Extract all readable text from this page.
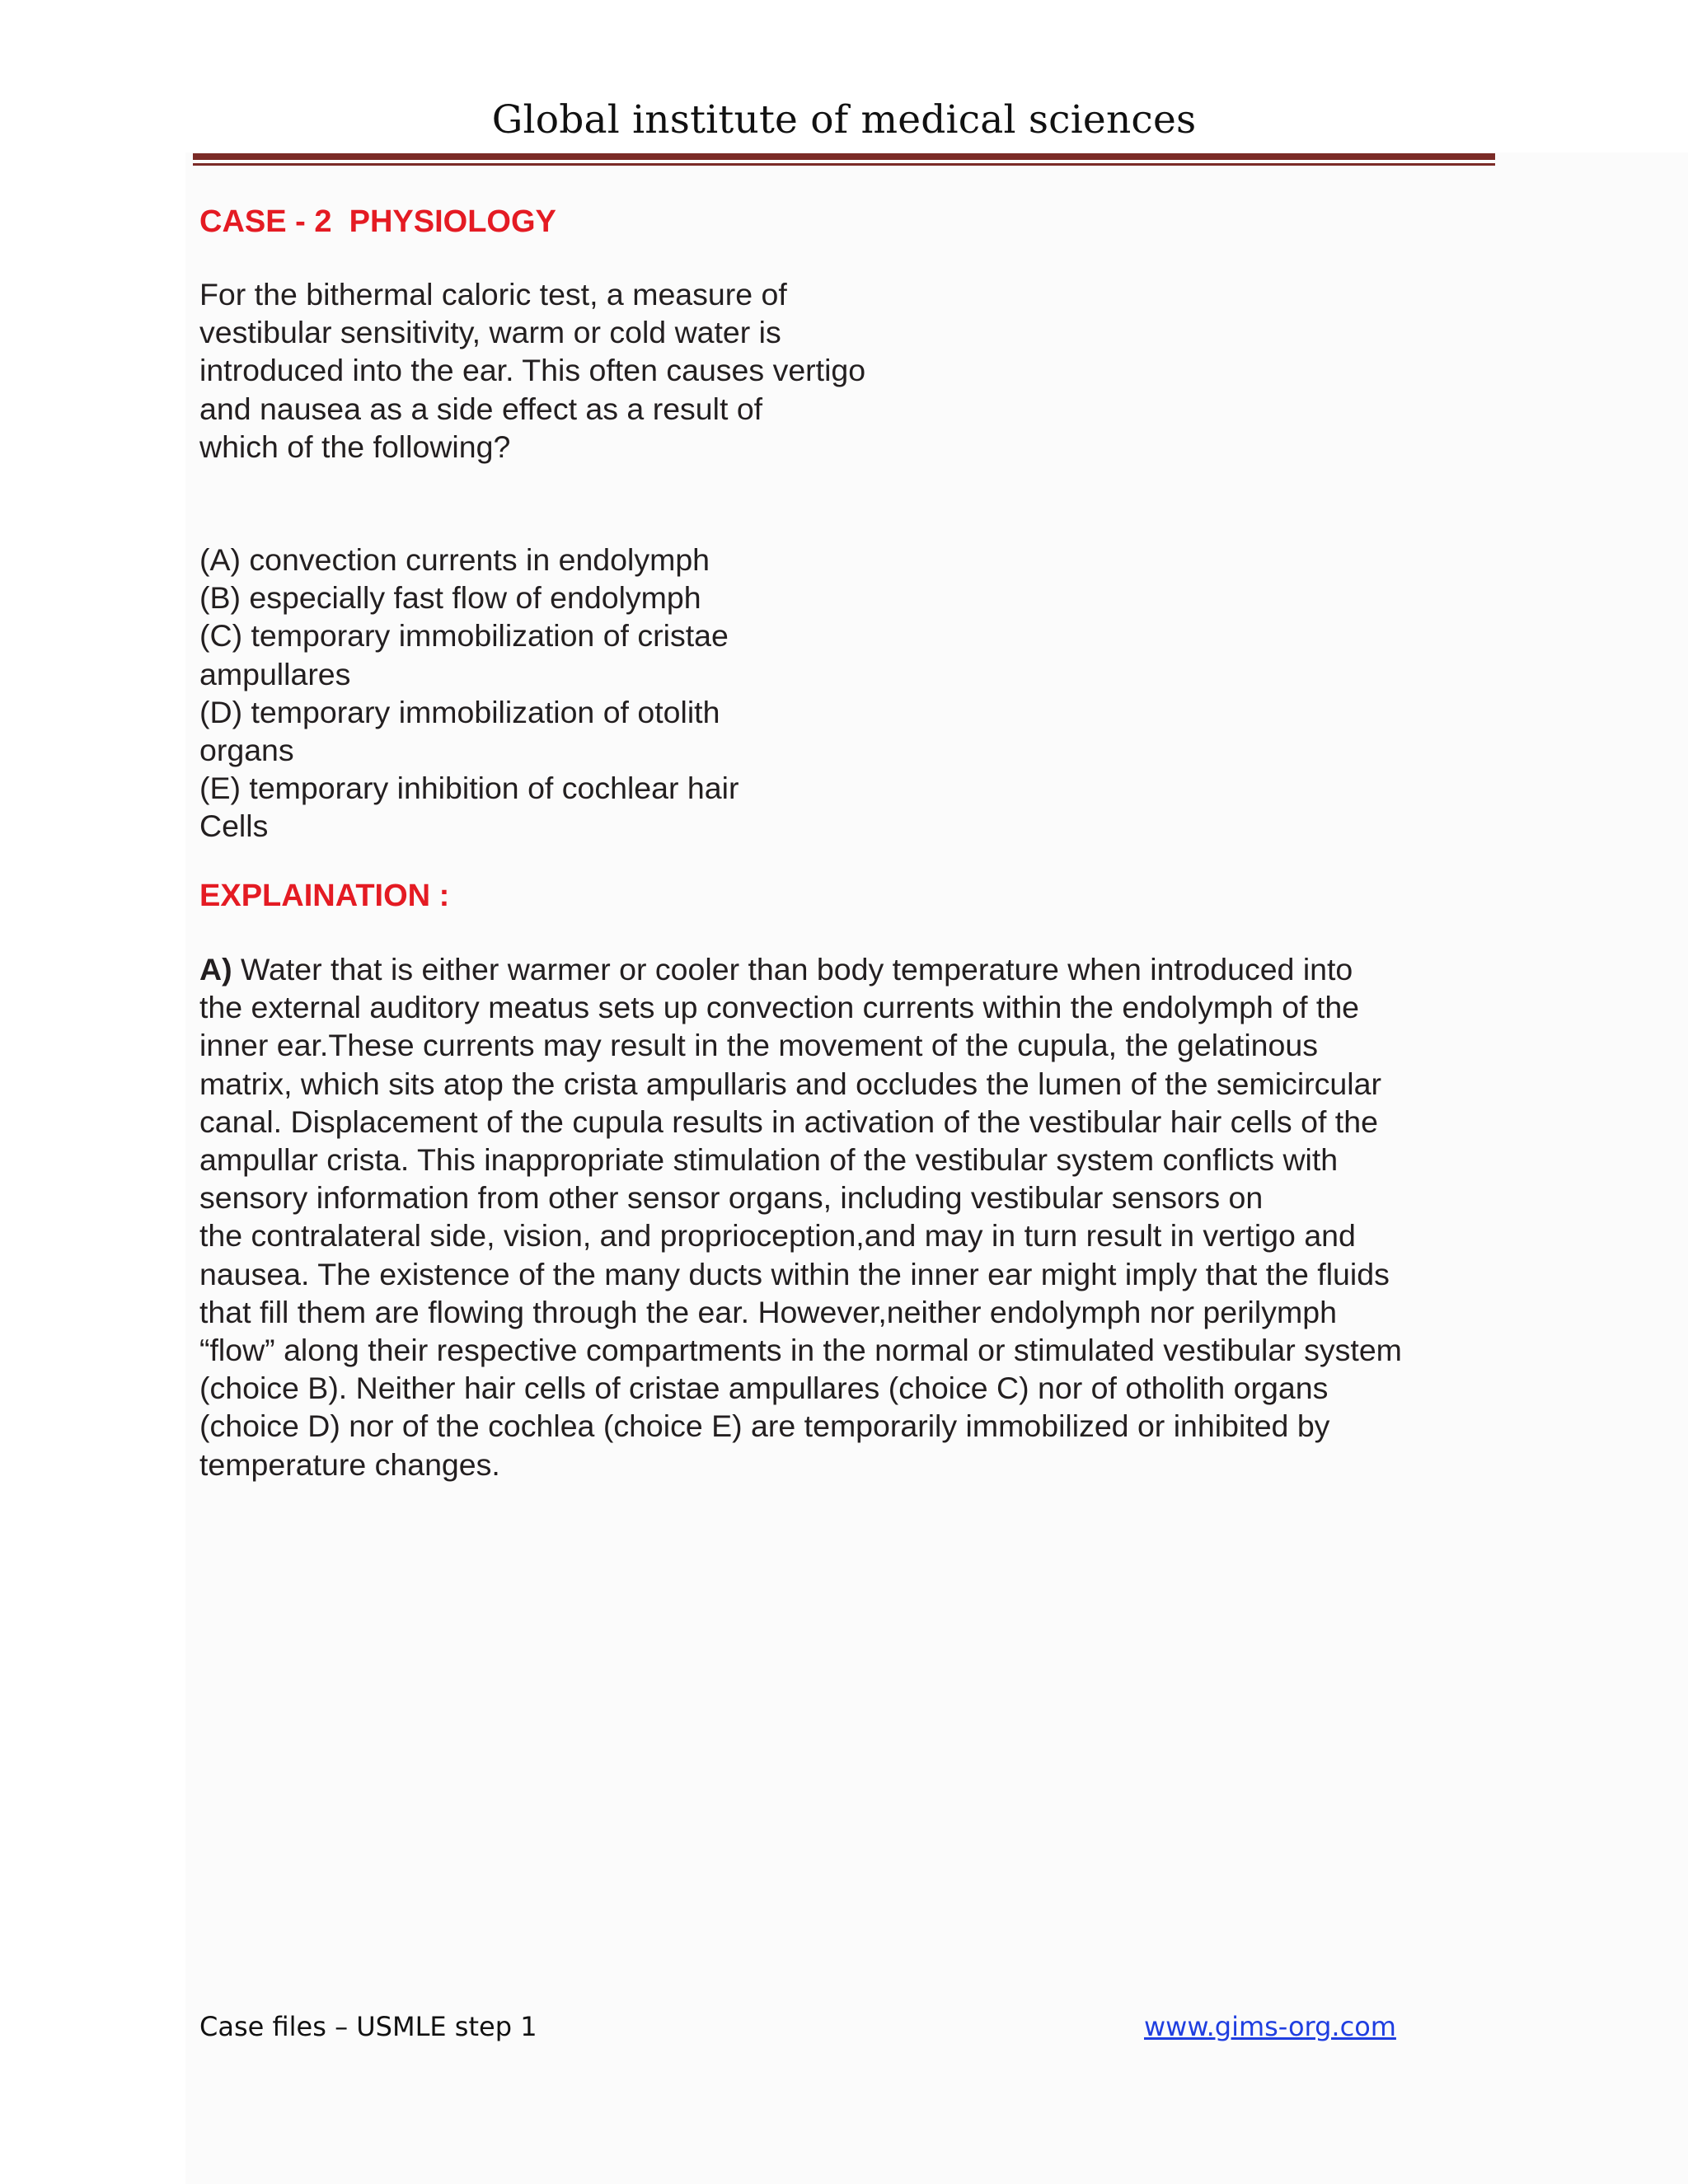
Global institute of medical sciences
CASE - 2  PHYSIOLOGY
For the bithermal caloric test, a measure of
vestibular sensitivity, warm or cold water is
introduced into the ear. This often causes vertigo
and nausea as a side effect as a result of
which of the following?
(A) convection currents in endolymph
(B) especially fast flow of endolymph
(C) temporary immobilization of cristae
ampullares
(D) temporary immobilization of otolith
organs
(E) temporary inhibition of cochlear hair
Cells
EXPLAINATION :
A) Water that is either warmer or cooler than body temperature when introduced into
the external auditory meatus sets up convection currents within the endolymph of the
inner ear.These currents may result in the movement of the cupula, the gelatinous
matrix, which sits atop the crista ampullaris and occludes the lumen of the semicircular
canal. Displacement of the cupula results in activation of the vestibular hair cells of the
ampullar crista. This inappropriate stimulation of the vestibular system conflicts with
sensory information from other sensor organs, including vestibular sensors on
the contralateral side, vision, and proprioception,and may in turn result in vertigo and
nausea. The existence of the many ducts within the inner ear might imply that the fluids
that fill them are flowing through the ear. However,neither endolymph nor perilymph
“flow” along their respective compartments in the normal or stimulated vestibular system
(choice B). Neither hair cells of cristae ampullares (choice C) nor of otholith organs
(choice D) nor of the cochlea (choice E) are temporarily immobilized or inhibited by
temperature changes.
Case files – USMLE step 1	www.gims-org.com
